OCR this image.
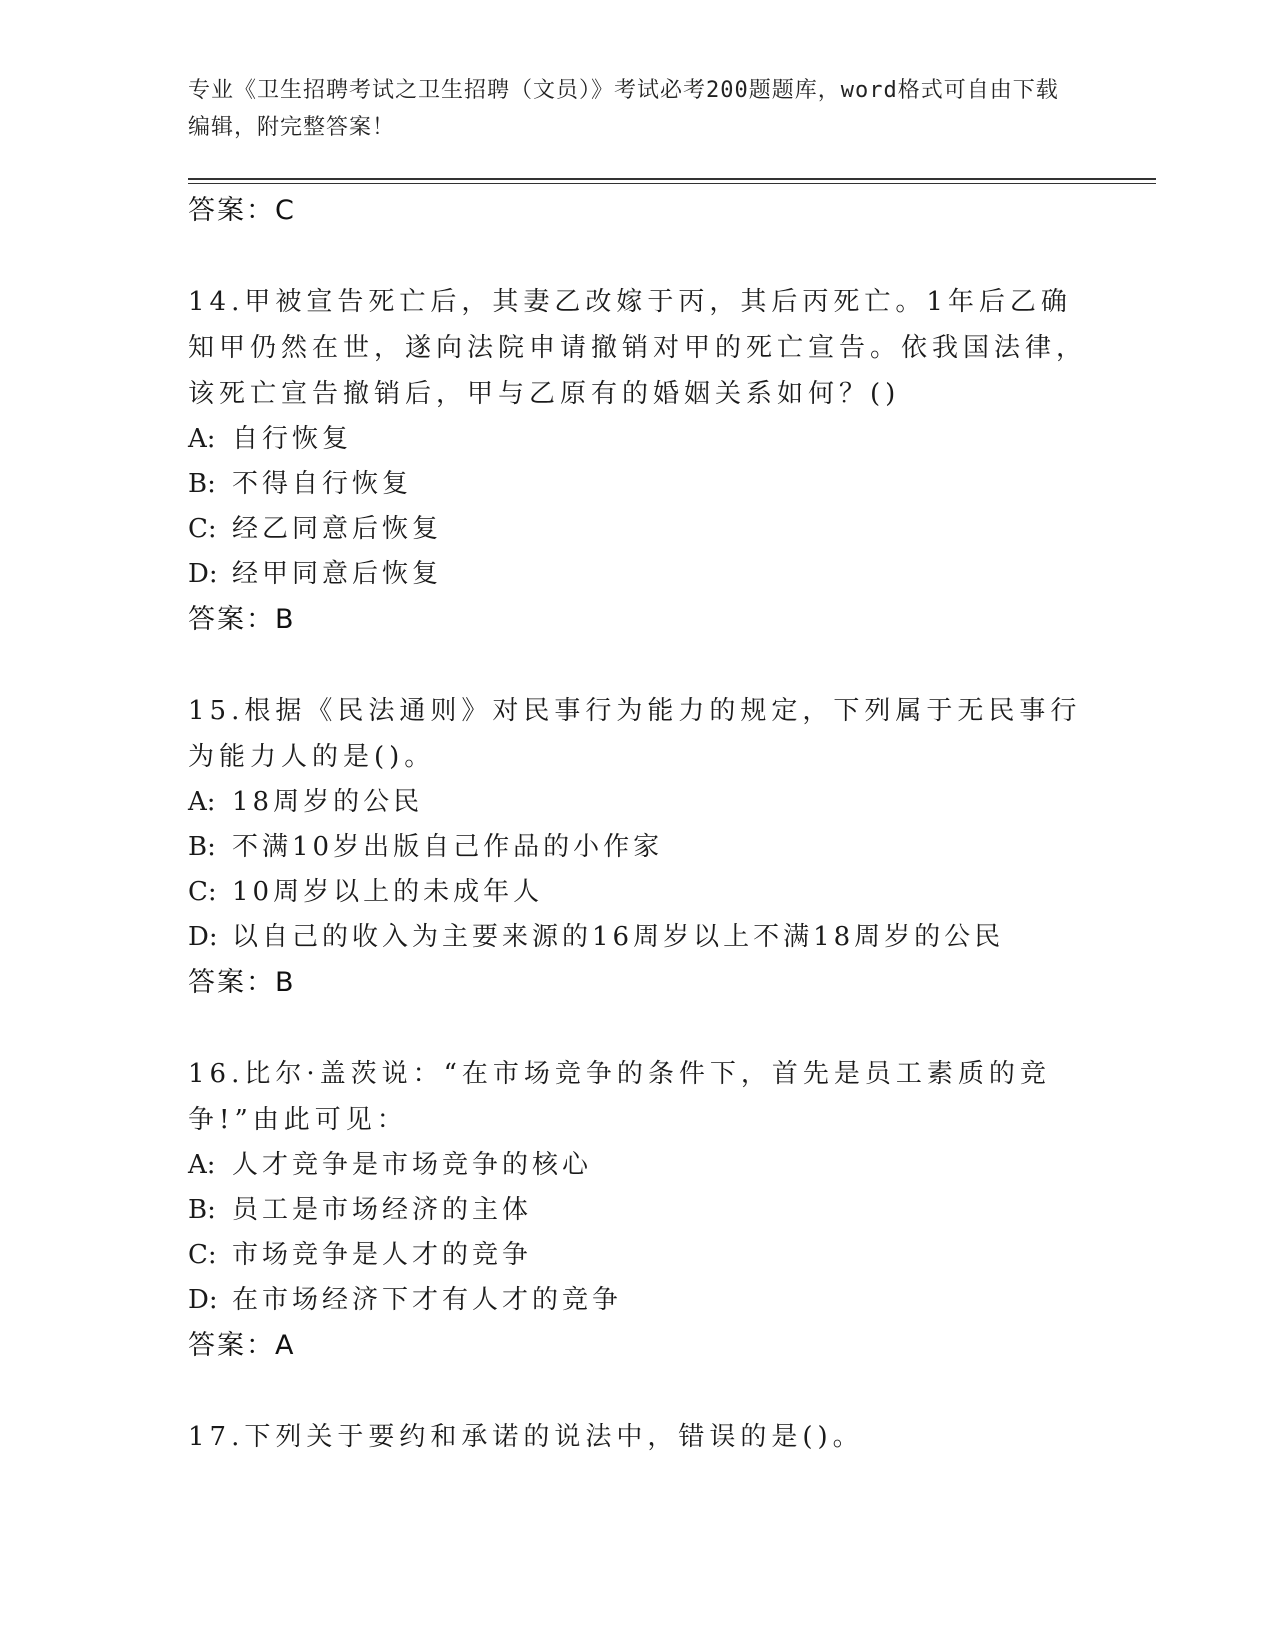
专业《卫生招聘考试之卫生招聘（文员）》考试必考200题题库，word格式可自由下载编辑，附完整答案！
答案：C
14.甲被宣告死亡后，其妻乙改嫁于丙，其后丙死亡。1年后乙确知甲仍然在世，遂向法院申请撤销对甲的死亡宣告。依我国法律，该死亡宣告撤销后，甲与乙原有的婚姻关系如何？()
A: 自行恢复
B: 不得自行恢复
C: 经乙同意后恢复
D: 经甲同意后恢复
答案：B
15.根据《民法通则》对民事行为能力的规定，下列属于无民事行为能力人的是()。
A: 18周岁的公民
B: 不满10岁出版自己作品的小作家
C: 10周岁以上的未成年人
D: 以自己的收入为主要来源的16周岁以上不满18周岁的公民
答案：B
16.比尔·盖茨说：“在市场竞争的条件下，首先是员工素质的竞争!”由此可见：
A: 人才竞争是市场竞争的核心
B: 员工是市场经济的主体
C: 市场竞争是人才的竞争
D: 在市场经济下才有人才的竞争
答案：A
17.下列关于要约和承诺的说法中，错误的是()。
